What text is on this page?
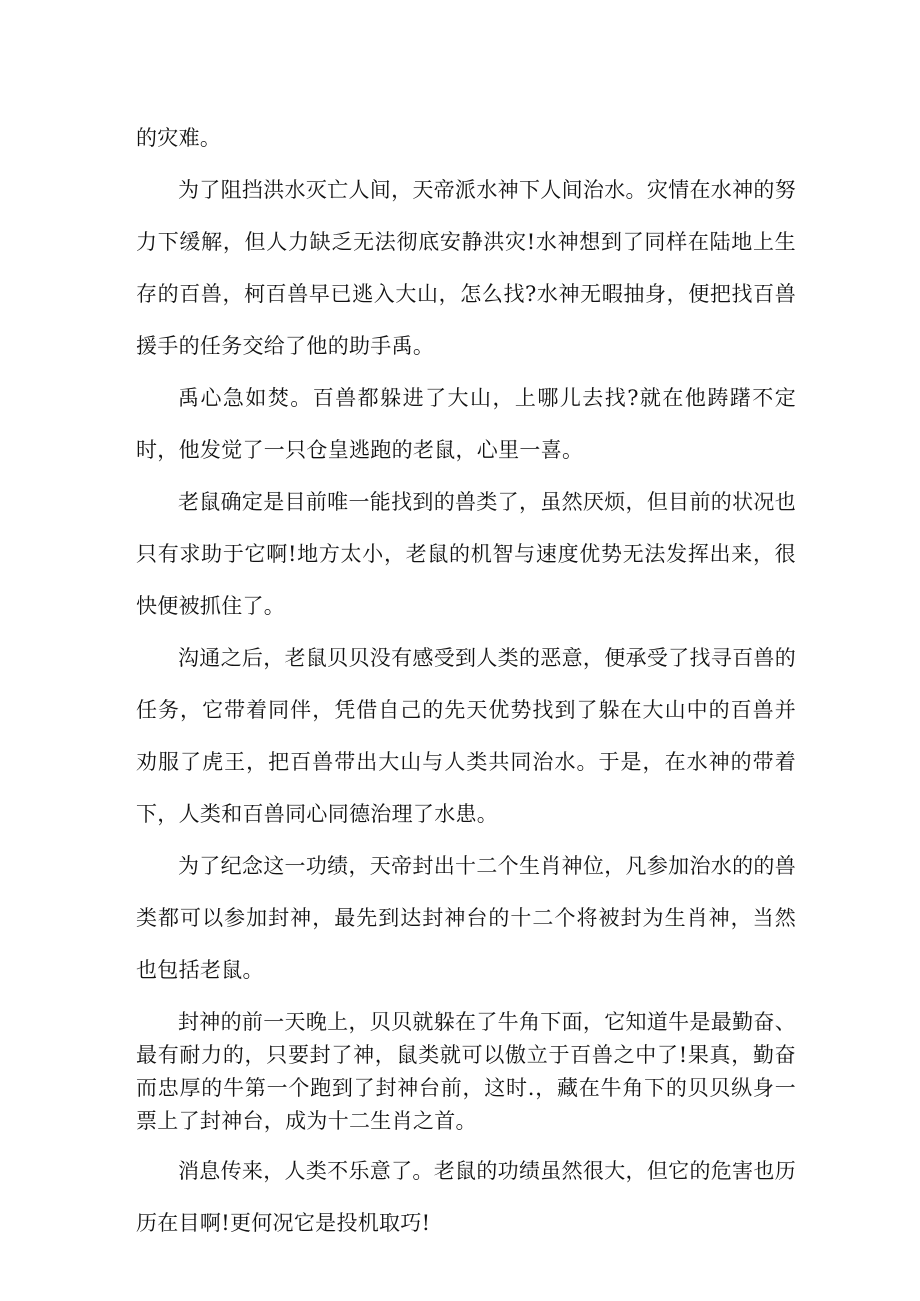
的灾难。

为了阻挡洪水灭亡人间，天帝派水神下人间治水。灾情在水神的努力下缓解，但人力缺乏无法彻底安静洪灾!水神想到了同样在陆地上生存的百兽，柯百兽早已逃入大山，怎么找?水神无暇抽身，便把找百兽援手的任务交给了他的助手禹。

禹心急如焚。百兽都躲进了大山，上哪儿去找?就在他踌躇不定时，他发觉了一只仓皇逃跑的老鼠，心里一喜。

老鼠确定是目前唯一能找到的兽类了，虽然厌烦，但目前的状况也只有求助于它啊!地方太小，老鼠的机智与速度优势无法发挥出来，很快便被抓住了。

沟通之后，老鼠贝贝没有感受到人类的恶意，便承受了找寻百兽的任务，它带着同伴，凭借自己的先天优势找到了躲在大山中的百兽并劝服了虎王，把百兽带出大山与人类共同治水。于是，在水神的带着下，人类和百兽同心同德治理了水患。

为了纪念这一功绩，天帝封出十二个生肖神位，凡参加治水的的兽类都可以参加封神，最先到达封神台的十二个将被封为生肖神，当然也包括老鼠。

封神的前一天晚上，贝贝就躲在了牛角下面，它知道牛是最勤奋、最有耐力的，只要封了神，鼠类就可以傲立于百兽之中了!果真，勤奋而忠厚的牛第一个跑到了封神台前，这时.，藏在牛角下的贝贝纵身一票上了封神台，成为十二生肖之首。

消息传来，人类不乐意了。老鼠的功绩虽然很大，但它的危害也历历在目啊!更何况它是投机取巧!
